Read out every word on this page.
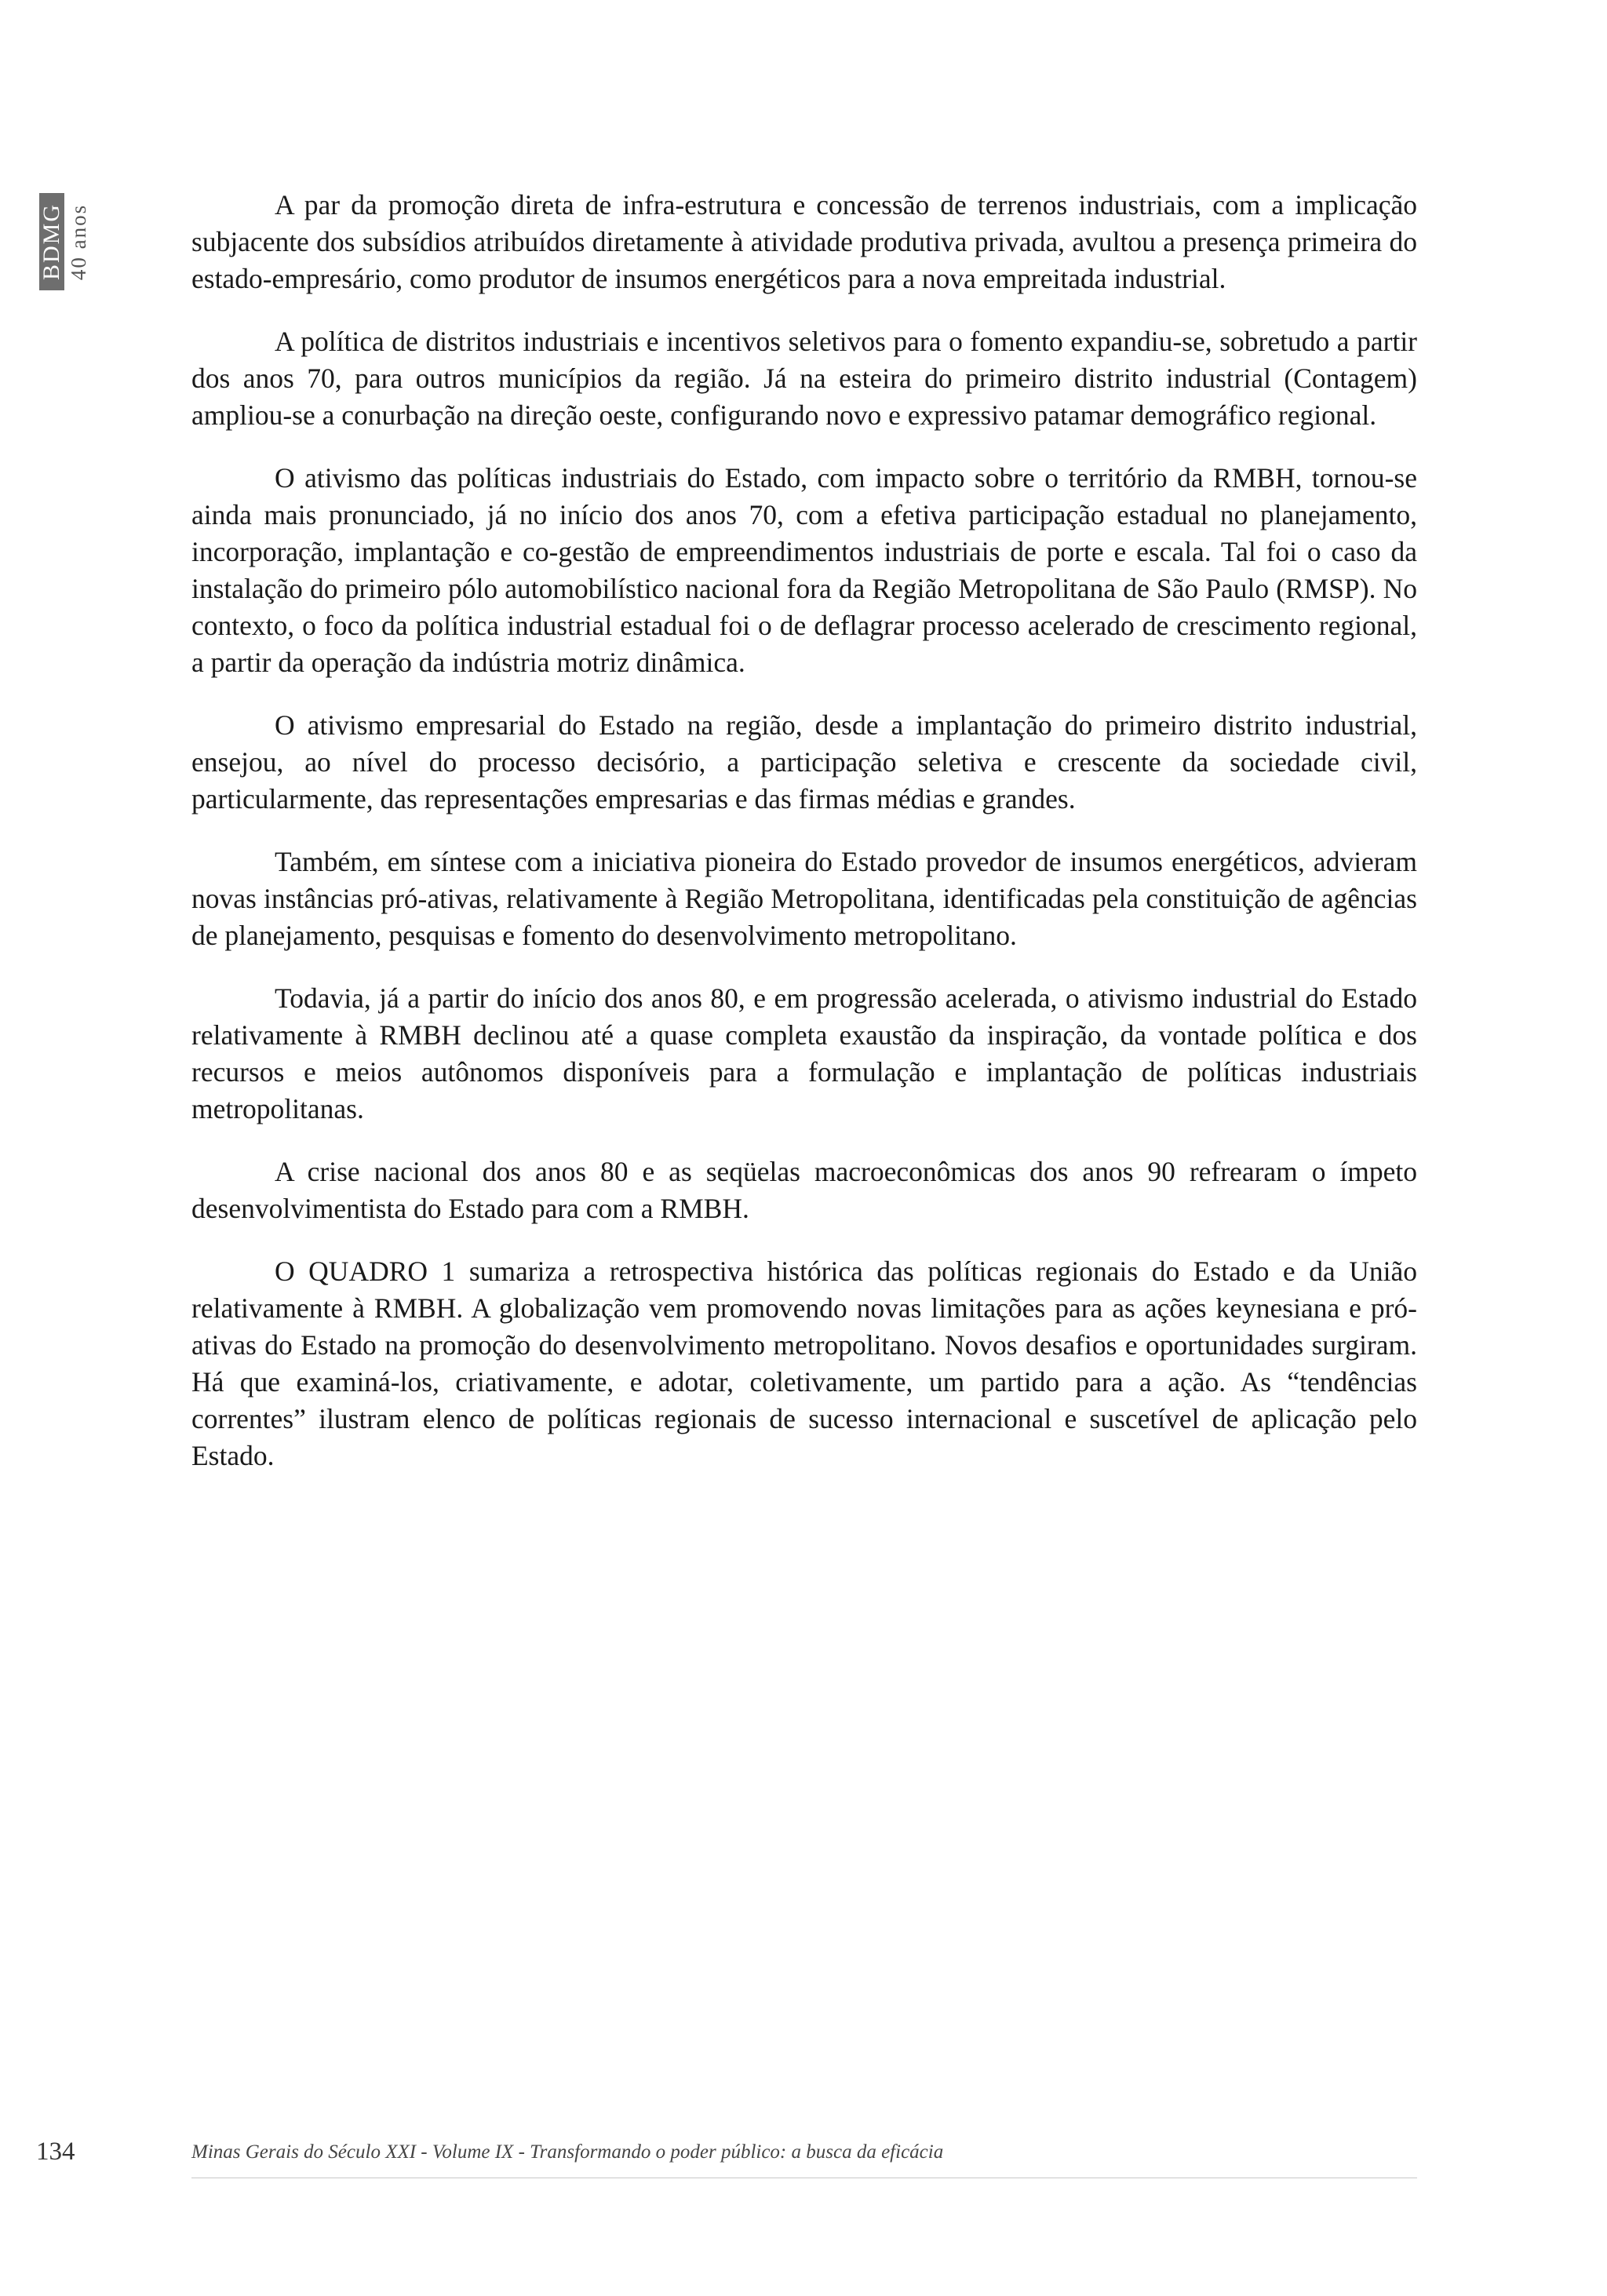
BDMG 40 anos	A par da promoção direta de infra-estrutura e concessão de terrenos industriais, com a implicação subjacente dos subsídios atribuídos diretamente à atividade produtiva privada, avultou a presença primeira do estado-empresário, como produtor de insumos energéticos para a nova empreitada industrial.

A política de distritos industriais e incentivos seletivos para o fomento expandiu-se, sobretudo a partir dos anos 70, para outros municípios da região. Já na esteira do primeiro distrito industrial (Contagem) ampliou-se a conurbação na direção oeste, configurando novo e expressivo patamar demográfico regional.

O ativismo das políticas industriais do Estado, com impacto sobre o território da RMBH, tornou-se ainda mais pronunciado, já no início dos anos 70, com a efetiva participação estadual no planejamento, incorporação, implantação e co-gestão de empreendimentos industriais de porte e escala. Tal foi o caso da instalação do primeiro pólo automobilístico nacional fora da Região Metropolitana de São Paulo (RMSP). No contexto, o foco da política industrial estadual foi o de deflagrar processo acelerado de crescimento regional, a partir da operação da indústria motriz dinâmica.

O ativismo empresarial do Estado na região, desde a implantação do primeiro distrito industrial, ensejou, ao nível do processo decisório, a participação seletiva e crescente da sociedade civil, particularmente, das representações empresarias e das firmas médias e grandes.

Também, em síntese com a iniciativa pioneira do Estado provedor de insumos energéticos, advieram novas instâncias pró-ativas, relativamente à Região Metropolitana, identificadas pela constituição de agências de planejamento, pesquisas e fomento do desenvolvimento metropolitano.

Todavia, já a partir do início dos anos 80, e em progressão acelerada, o ativismo industrial do Estado relativamente à RMBH declinou até a quase completa exaustão da inspiração, da vontade política e dos recursos e meios autônomos disponíveis para a formulação e implantação de políticas industriais metropolitanas.

A crise nacional dos anos 80 e as seqüelas macroeconômicas dos anos 90 refrearam o ímpeto desenvolvimentista do Estado para com a RMBH.

O QUADRO 1 sumariza a retrospectiva histórica das políticas regionais do Estado e da União relativamente à RMBH. A globalização vem promovendo novas limitações para as ações keynesiana e pró-ativas do Estado na promoção do desenvolvimento metropolitano. Novos desafios e oportunidades surgiram. Há que examiná-los, criativamente, e adotar, coletivamente, um partido para a ação. As “tendências correntes” ilustram elenco de políticas regionais de sucesso internacional e suscetível de aplicação pelo Estado.

134	Minas Gerais do Século XXI - Volume IX - Transformando o poder público: a busca da eficácia
